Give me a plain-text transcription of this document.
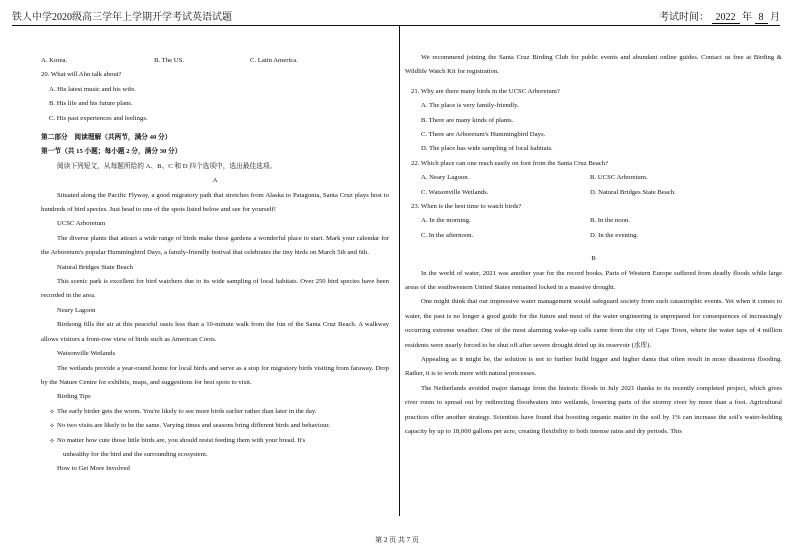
铁人中学2020级高三学年上学期开学考试英语试题	考试时间： 2022 年 8 月
A. Korea.	B. The US.	C. Latin America.

20. What will Ahn talk about?

A. His latest music and his wife.

B. His life and his future plans.

C. His past experiences and feelings.

第二部分　阅读理解（共两节，满分 40 分）

第一节（共 15 小题；每小题 2 分，满分 30 分）

阅读下列短文，从每题所给的 A、B、C 和 D 四个选项中，选出最佳选项。

A

Situated along the Pacific Flyway, a good migratory path that stretches from Alaska to Patagonia, Santa Cruz plays host to hundreds of bird species. Just head to one of the spots listed below and see for yourself!

UCSC Arboretum

The diverse plants that attract a wide range of birds make these gardens a wonderful place to start. Mark your calendar for the Arboretum's popular Hummingbird Days, a family-friendly festival that celebrates the tiny birds on March 5th and 6th.

Natural Bridges State Beach

This scenic park is excellent for bird watchers due to its wide sampling of local habitats. Over 250 bird species have been recorded in the area.

Neary Lagoon

Birdsong fills the air at this peaceful oasis less than a 10-minute walk from the fun of the Santa Cruz Beach. A walkway allows visitors a front-row view of birds such as American Coots.

Watsonville Wetlands

The wetlands provide a year-round home for local birds and serve as a stop for migratory birds visiting from faraway. Drop by the Nature Centre for exhibits, maps, and suggestions for best spots to visit.

Birding Tips

✧ The early birder gets the worm. You're likely to see more birds earlier rather than later in the day.

✧ No two visits are likely to be the same. Varying times and seasons bring different birds and behaviour.

✧ No matter how cute those little birds are, you should resist feeding them with your bread. It's

unhealthy for the bird and the surrounding ecosystem.

How to Get More Involved

We recommend joining the Santa Cruz Birding Club for public events and abundant online guides. Contact us free at Birding & Wildlife Watch Kit for registration.

21. Why are there many birds in the UCSC Arboretum?

A. The place is very family-friendly.

B. There are many kinds of plants.

C. There are Arboretum's Hummingbird Days.

D. The place has wide sampling of local habitats.

22. Which place can one reach easily on foot from the Santa Cruz Beach?

A. Neary Lagoon.	B. UCSC Arboretum.
C. Watsonville Wetlands.	D. Natural Bridges State Beach.

23. When is the best time to watch birds?

A. In the morning.	B. In the noon.
C. In the afternoon.	D. In the evening.

B

In the world of water, 2021 was another year for the record books. Parts of Western Europe suffered from deadly floods while large areas of the southwestern United States remained locked in a massive drought.

One might think that our impressive water management would safeguard society from such catastrophic events. Yet when it comes to water, the past is no longer a good guide for the future and most of the water engineering is unprepared for consequences of increasingly occurring extreme weather. One of the most alarming wake-up calls came from the city of Cape Town, where the water taps of 4 million residents were nearly forced to be shut off after severe drought dried up its reservoir (水库).

Appealing as it might be, the solution is not to further build bigger and higher dams that often result in more disastrous flooding. Rather, it is to work more with natural processes.

The Netherlands avoided major damage from the historic floods in July 2021 thanks to its recently completed project, which gives river room to spread out by redirecting floodwaters into wetlands, lowering parts of the stormy river by more than a foot. Agricultural practices offer another strategy. Scientists have found that boosting organic matter in the soil by 1% can increase the soil's water-holding capacity by up to 18,000 gallons per acre, creating flexibility to both intense rains and dry periods. This

第 2 页 共 7 页
